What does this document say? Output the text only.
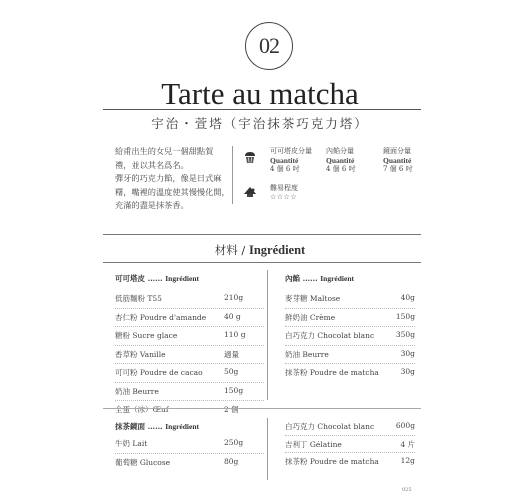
02
Tarte au matcha
宇治・萱塔（宇治抹茶巧克力塔）
給甫出生的女兒一個甜點賀
禮，並以其名爲名。
彈牙的巧克力餡，像是日式麻
糬，嘴裡的溫度使其慢慢化開，
充滿的盡是抹茶香。
可可塔皮分量
Quantité
4 個 6 吋
內餡分量
Quantité
4 個 6 吋
鏡面分量
Quantité
7 個 6 吋
難易程度
☆☆☆☆
材料 / Ingrédient
可可塔皮 …… Ingrédient
低筋麵粉 T55	210g
杏仁粉 Poudre d'amande 40 g
糖粉 Sucre glace	110 g
香草粉 Vanille	適量
可可粉 Poudre de cacao	50g
奶油 Beurre	150g
全蛋（冰）Œuf	2 個
內餡 …… Ingrédient
麥芽糖 Maltose	40g
鮮奶油 Crème	150g
白巧克力 Chocolat blanc	350g
奶油 Beurre	30g
抹茶粉 Poudre de matcha	30g
抹茶鏡面 …… Ingrédient
牛奶 Lait	250g
葡萄糖 Glucose	80g
白巧克力 Chocolat blanc	600g
吉利丁 Gélatine	4 片
抹茶粉 Poudre de matcha	12g
025
